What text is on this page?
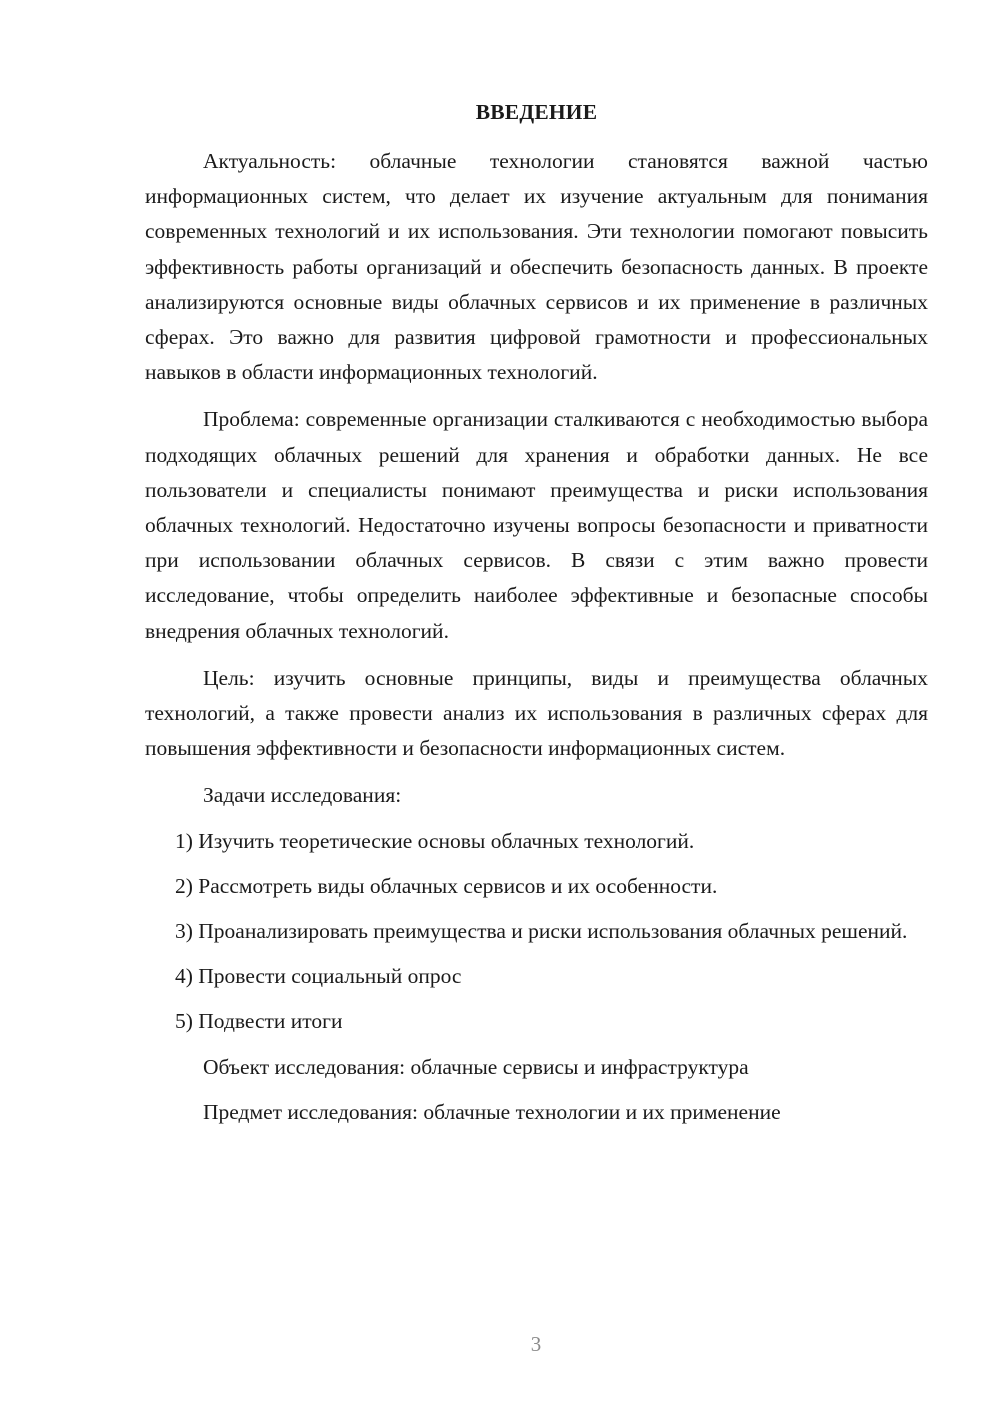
ВВЕДЕНИЕ

Актуальность: облачные технологии становятся важной частью информационных систем, что делает их изучение актуальным для понимания современных технологий и их использования. Эти технологии помогают повысить эффективность работы организаций и обеспечить безопасность данных. В проекте анализируются основные виды облачных сервисов и их применение в различных сферах. Это важно для развития цифровой грамотности и профессиональных навыков в области информационных технологий.

Проблема: современные организации сталкиваются с необходимостью выбора подходящих облачных решений для хранения и обработки данных. Не все пользователи и специалисты понимают преимущества и риски использования облачных технологий. Недостаточно изучены вопросы безопасности и приватности при использовании облачных сервисов. В связи с этим важно провести исследование, чтобы определить наиболее эффективные и безопасные способы внедрения облачных технологий.

Цель: изучить основные принципы, виды и преимущества облачных технологий, а также провести анализ их использования в различных сферах для повышения эффективности и безопасности информационных систем.

Задачи исследования:

1) Изучить теоретические основы облачных технологий.

2) Рассмотреть виды облачных сервисов и их особенности.

3) Проанализировать преимущества и риски использования облачных решений.

4) Провести социальный опрос

5) Подвести итоги

Объект исследования: облачные сервисы и инфраструктура

Предмет исследования: облачные технологии и их применение

3
